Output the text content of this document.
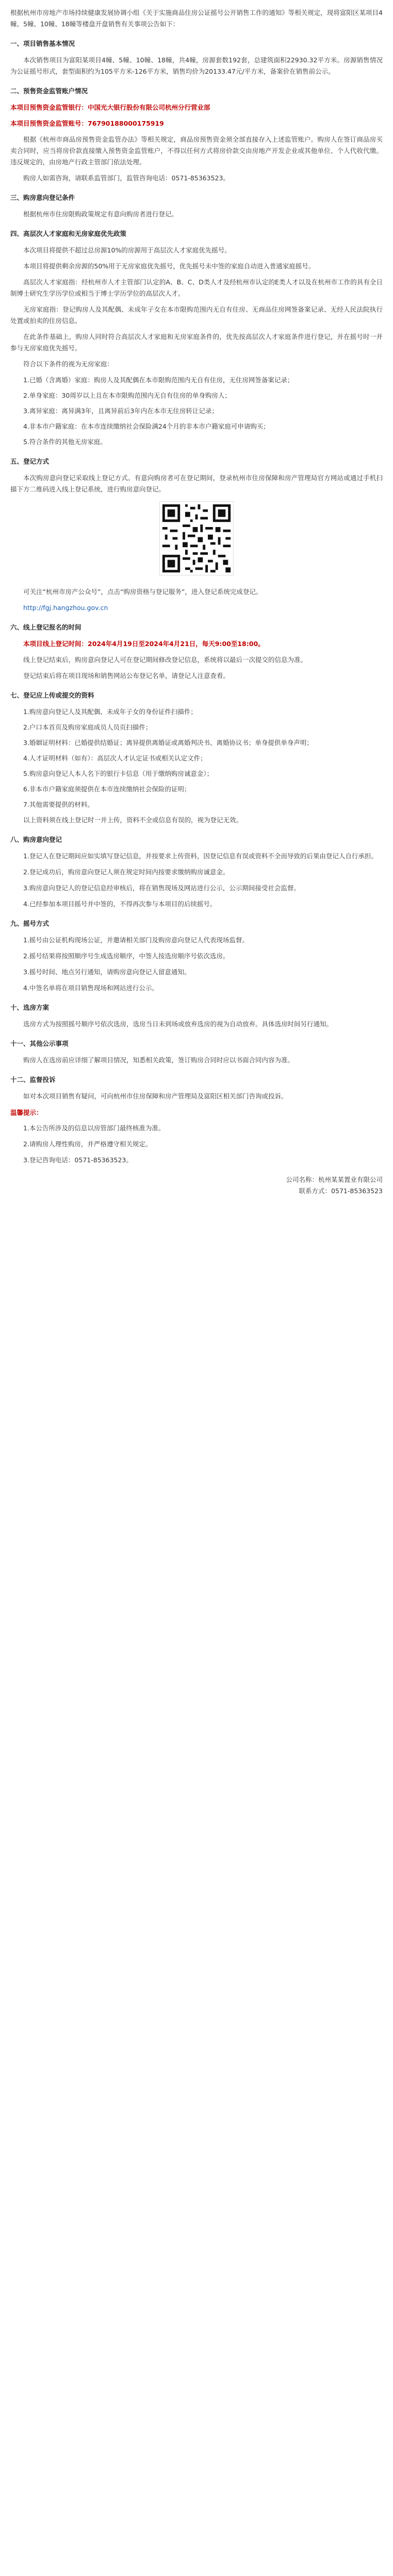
根据杭州市房地产市场持续健康发展协调小组《关于实施商品住房公证摇号公开销售工作的通知》等相关规定，现将富阳区某项目4幢、5幢、10幢、18幢等楼盘开盘销售有关事项公告如下：

一、项目销售基本情况

本次销售项目为富阳某项目4幢、5幢、10幢、18幢，共4幢，房源套数192套，总建筑面积22930.32平方米。房源销售情况为公证摇号形式，套型面积约为105平方米-126平方米，销售均价为20133.47元/平方米，备案价在销售前公示。

二、预售资金监管账户情况

本项目预售资金监管银行：中国光大银行股份有限公司杭州分行营业部

本项目预售资金监管账号：76790188000175919

根据《杭州市商品房预售资金监管办法》等相关规定，商品房预售资金须全部直接存入上述监管账户。购房人在签订商品房买卖合同时，应当将房价款直接缴入预售资金监管账户，不得以任何方式将房价款交由房地产开发企业或其他单位、个人代收代缴。违反规定的，由房地产行政主管部门依法处理。

购房人如需咨询，请联系监管部门，监管咨询电话：0571-85363523。

三、购房意向登记条件

根据杭州市住房限购政策规定有意向购房者进行登记。

四、高层次人才家庭和无房家庭优先政策

本次项目将提供不超过总房源10%的房源用于高层次人才家庭优先摇号。

本项目将提供剩余房源的50%用于无房家庭优先摇号，优先摇号未中签的家庭自动进入普通家庭摇号。

高层次人才家庭指：经杭州市人才主管部门认定的A、B、C、D类人才及经杭州市认定的E类人才以及在杭州市工作的具有全日制博士研究生学历学位或相当于博士学历学位的高层次人才。

无房家庭指：登记购房人及其配偶、未成年子女在本市限购范围内无自有住房、无商品住房网签备案记录、无经人民法院执行处置或拍卖的住房信息。

在此条件基础上，购房人同时符合高层次人才家庭和无房家庭条件的，优先按高层次人才家庭条件进行登记，并在摇号时一并参与无房家庭优先摇号。

符合以下条件的视为无房家庭：

1.已婚（含离婚）家庭：购房人及其配偶在本市限购范围内无自有住房，无住房网签备案记录；
2.单身家庭：30周岁以上且在本市限购范围内无自有住房的单身购房人；
3.离异家庭：离异满3年，且离异前后3年内在本市无住房转让记录；
4.非本市户籍家庭：在本市连续缴纳社会保险满24个月的非本市户籍家庭可申请购买；
5.符合条件的其他无房家庭。
五、登记方式

本次购房意向登记采取线上登记方式。有意向购房者可在登记期间，登录杭州市住房保障和房产管理局官方网站或通过手机扫描下方二维码进入线上登记系统，进行购房意向登记。

可关注“杭州市房产公众号”，点击“购房资格与登记服务”，进入登记系统完成登记。

http://fgj.hangzhou.gov.cn

六、线上登记报名的时间

本项目线上登记时间：2024年4月19日至2024年4月21日，每天9:00至18:00。

线上登记结束后，购房意向登记人可在登记期间修改登记信息，系统将以最后一次提交的信息为准。

登记结束后将在项目现场和销售网站公布登记名单，请登记人注意查看。

七、登记应上传或提交的资料
1.购房意向登记人及其配偶、未成年子女的身份证件扫描件；
2.户口本首页及购房家庭成员人员页扫描件；
3.婚姻证明材料：已婚提供结婚证；离异提供离婚证或离婚判决书、离婚协议书；单身提供单身声明；
4.人才证明材料（如有）：高层次人才认定证书或相关认定文件；
5.购房意向登记人本人名下的银行卡信息（用于缴纳购房诚意金）；
6.非本市户籍家庭须提供在本市连续缴纳社会保险的证明；
7.其他需要提供的材料。
以上资料须在线上登记时一并上传，资料不全或信息有误的，视为登记无效。
八、购房意向登记

1.登记人在登记期间应如实填写登记信息，并按要求上传资料，因登记信息有误或资料不全而导致的后果由登记人自行承担。

2.登记成功后，购房意向登记人须在规定时间内按要求缴纳购房诚意金。

3.购房意向登记人的登记信息经审核后，将在销售现场及网站进行公示，公示期间接受社会监督。

4.已经参加本项目摇号并中签的，不得再次参与本项目的后续摇号。

九、摇号方式

1.摇号由公证机构现场公证，并邀请相关部门及购房意向登记人代表现场监督。

2.摇号结果将按照顺序号生成选房顺序，中签人按选房顺序号依次选房。

3.摇号时间、地点另行通知，请购房意向登记人留意通知。

4.中签名单将在项目销售现场和网站进行公示。

十、选房方案

选房方式为按照摇号顺序号依次选房，选房当日未到场或放弃选房的视为自动放弃。具体选房时间另行通知。

十一、其他公示事项

购房人在选房前应详细了解项目情况，知悉相关政策，签订购房合同时应以书面合同内容为准。

十二、监督投诉

如对本次项目销售有疑问，可向杭州市住房保障和房产管理局及富阳区相关部门咨询或投诉。

温馨提示：

1.本公告所涉及的信息以房管部门最终核准为准。

2.请购房人理性购房，并严格遵守相关规定。

3.登记咨询电话：0571-85363523。

公司名称：杭州某某置业有限公司
联系方式：0571-85363523
